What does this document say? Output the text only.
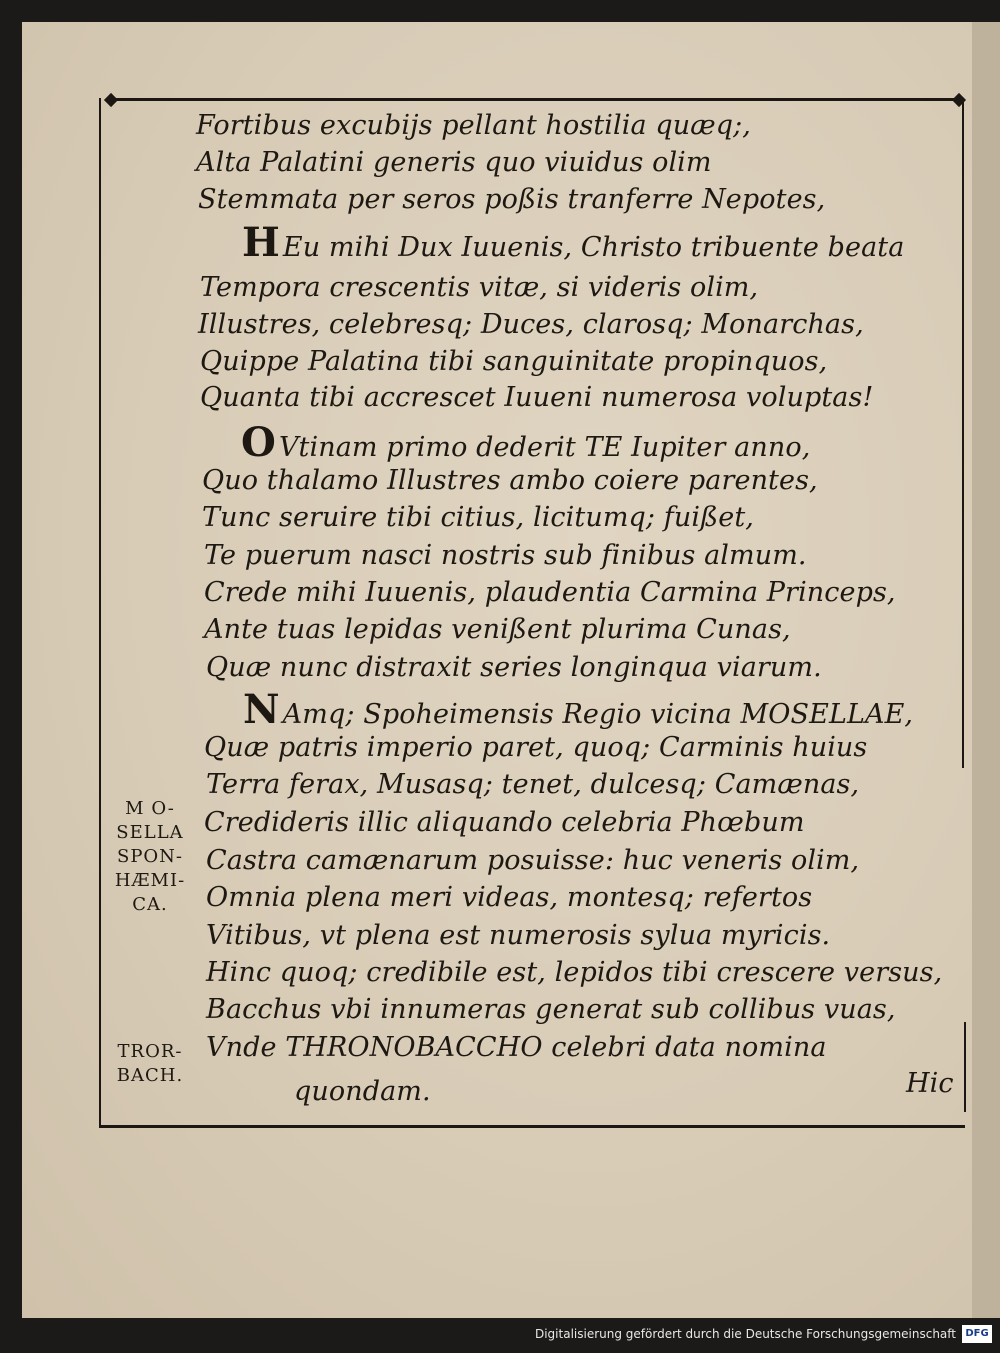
Fortibus excubijs pellant hostilia quæq;,
Alta Palatini generis quo viuidus olim
Stemmata per seros poßis tranferre Nepotes,
H Eu mihi Dux Iuuenis, Christo tribuente beata
Tempora crescentis vitæ, si videris olim,
Illustres, celebresq; Duces, clarosq; Monarchas,
Quippe Palatina tibi sanguinitate propinquos,
Quanta tibi accrescet Iuueni numerosa voluptas!
O Vtinam primo dederit TE Iupiter anno,
Quo thalamo Illustres ambo coiere parentes,
Tunc seruire tibi citius, licitumq; fuißet,
Te puerum nasci nostris sub finibus almum.
Crede mihi Iuuenis, plaudentia Carmina Princeps,
Ante tuas lepidas venißent plurima Cunas,
Quæ nunc distraxit series longinqua viarum.
N Amq; Spoheimensis Regio vicina MOSELLAE,
Quæ patris imperio paret, quoq; Carminis huius
Terra ferax, Musasq; tenet, dulcesq; Camænas,
Credideris illic aliquando celebria Phœbum
Castra camænarum posuisse: huc veneris olim,
Omnia plena meri videas, montesq; refertos
Vitibus, vt plena est numerosis sylua myricis.
Hinc quoq; credibile est, lepidos tibi crescere versus,
Bacchus vbi innumeras generat sub collibus vuas,
Vnde THRONOBACCHO celebri data nomina
M O-
SELLA
SPON-
HÆMI-
CA.
TROR-
BACH.
quondam.	Hic
Digitalisierung gefördert durch die Deutsche Forschungsgemeinschaft DFG
